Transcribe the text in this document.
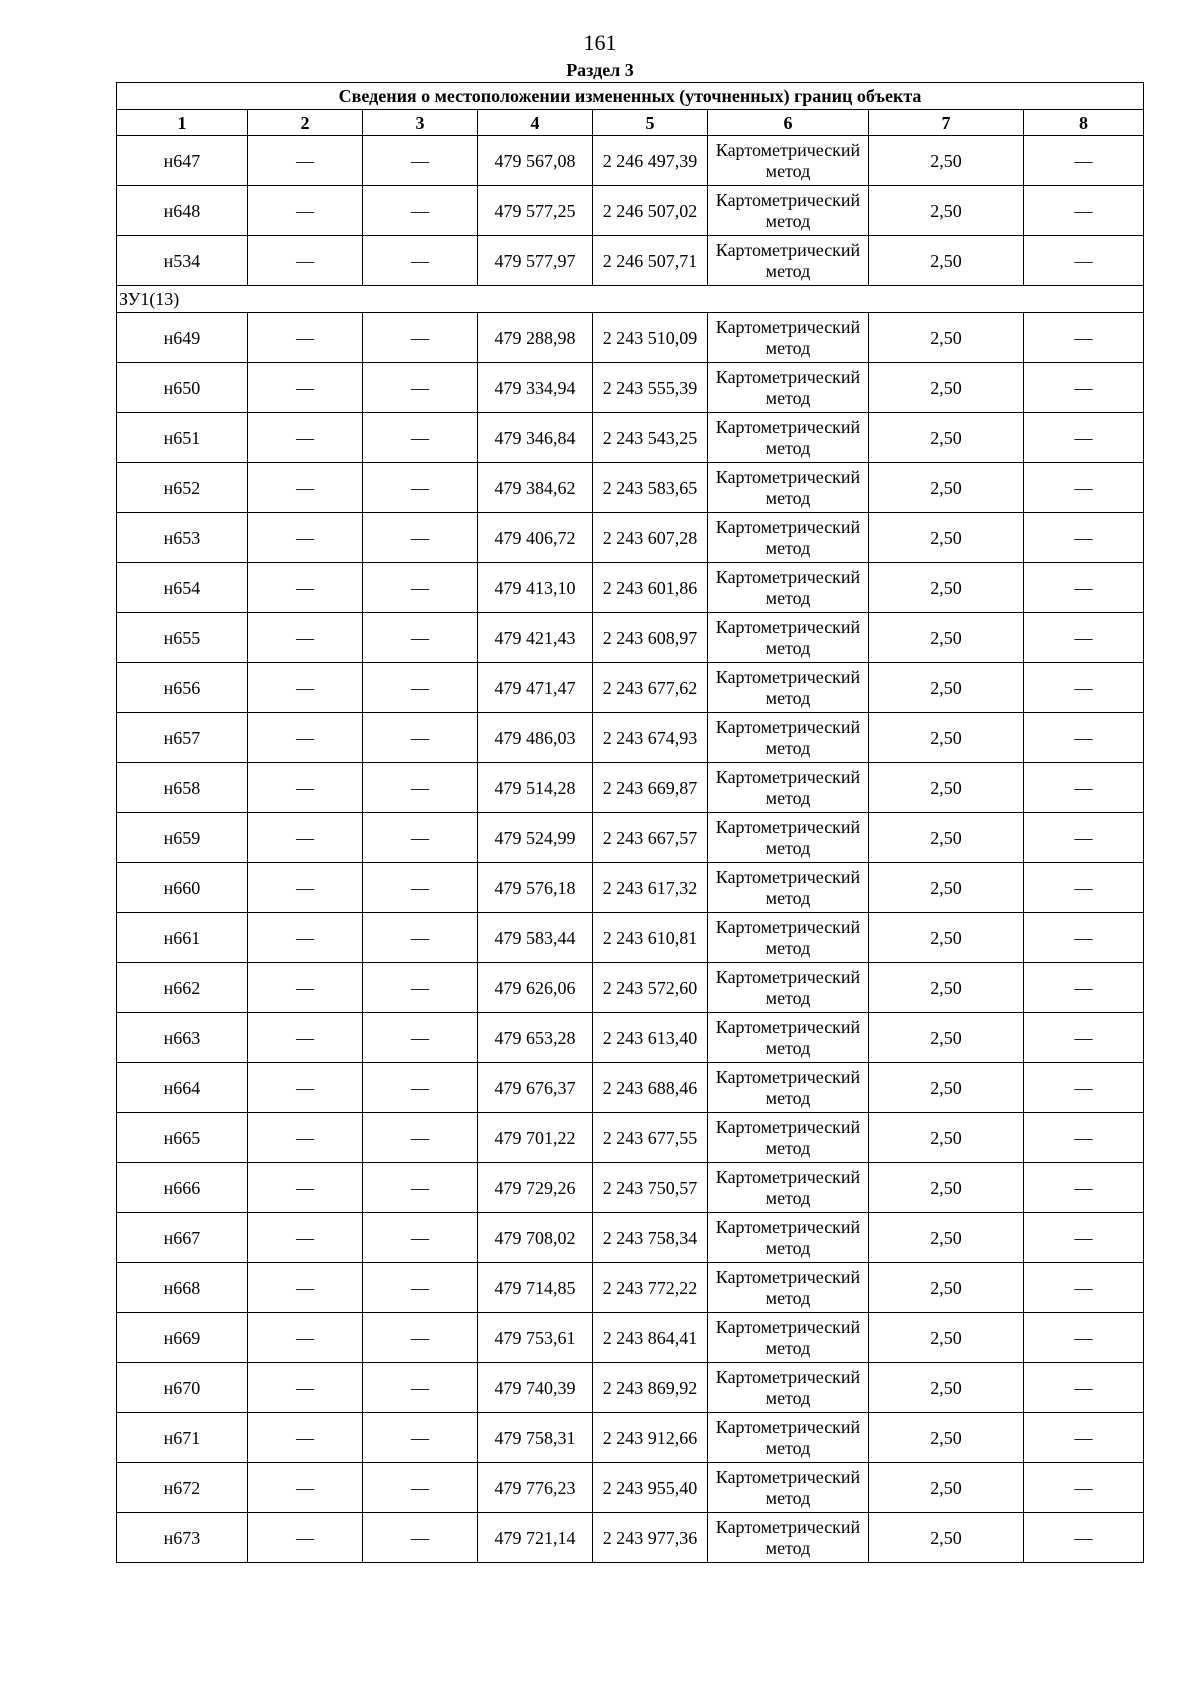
161
Раздел 3
Сведения о местоположении измененных (уточненных) границ объекта							
1	2	3	4	5	6	7	8
н647	—	—	479 567,08	2 246 497,39	Картометрический метод	2,50	—
н648	—	—	479 577,25	2 246 507,02	Картометрический метод	2,50	—
н534	—	—	479 577,97	2 246 507,71	Картометрический метод	2,50	—
ЗУ1(13)							
н649	—	—	479 288,98	2 243 510,09	Картометрический метод	2,50	—
н650	—	—	479 334,94	2 243 555,39	Картометрический метод	2,50	—
н651	—	—	479 346,84	2 243 543,25	Картометрический метод	2,50	—
н652	—	—	479 384,62	2 243 583,65	Картометрический метод	2,50	—
н653	—	—	479 406,72	2 243 607,28	Картометрический метод	2,50	—
н654	—	—	479 413,10	2 243 601,86	Картометрический метод	2,50	—
н655	—	—	479 421,43	2 243 608,97	Картометрический метод	2,50	—
н656	—	—	479 471,47	2 243 677,62	Картометрический метод	2,50	—
н657	—	—	479 486,03	2 243 674,93	Картометрический метод	2,50	—
н658	—	—	479 514,28	2 243 669,87	Картометрический метод	2,50	—
н659	—	—	479 524,99	2 243 667,57	Картометрический метод	2,50	—
н660	—	—	479 576,18	2 243 617,32	Картометрический метод	2,50	—
н661	—	—	479 583,44	2 243 610,81	Картометрический метод	2,50	—
н662	—	—	479 626,06	2 243 572,60	Картометрический метод	2,50	—
н663	—	—	479 653,28	2 243 613,40	Картометрический метод	2,50	—
н664	—	—	479 676,37	2 243 688,46	Картометрический метод	2,50	—
н665	—	—	479 701,22	2 243 677,55	Картометрический метод	2,50	—
н666	—	—	479 729,26	2 243 750,57	Картометрический метод	2,50	—
н667	—	—	479 708,02	2 243 758,34	Картометрический метод	2,50	—
н668	—	—	479 714,85	2 243 772,22	Картометрический метод	2,50	—
н669	—	—	479 753,61	2 243 864,41	Картометрический метод	2,50	—
н670	—	—	479 740,39	2 243 869,92	Картометрический метод	2,50	—
н671	—	—	479 758,31	2 243 912,66	Картометрический метод	2,50	—
н672	—	—	479 776,23	2 243 955,40	Картометрический метод	2,50	—
н673	—	—	479 721,14	2 243 977,36	Картометрический метод	2,50	—
